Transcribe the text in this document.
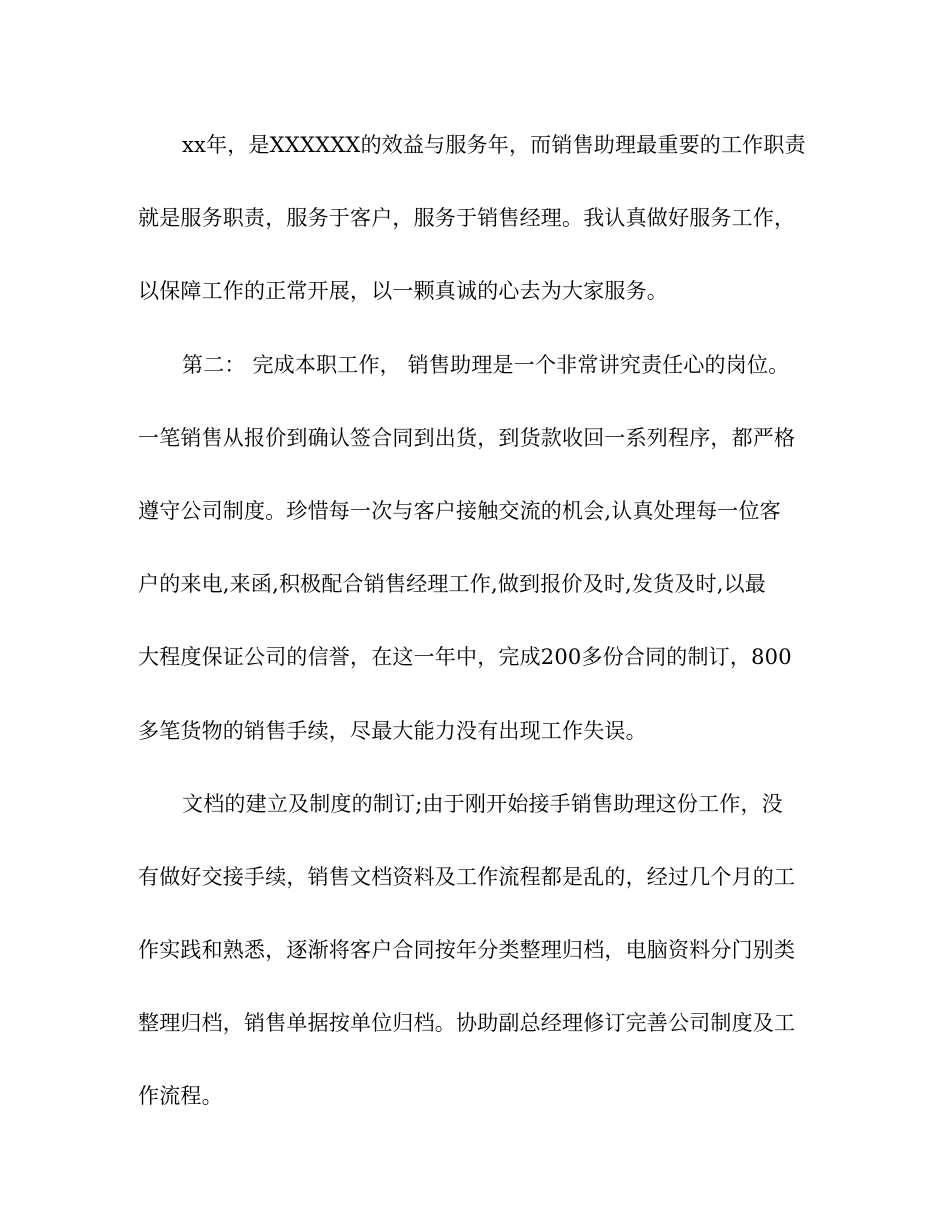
xx年，是XXXXXX的效益与服务年，而销售助理最重要的工作职责
就是服务职责，服务于客户，服务于销售经理。我认真做好服务工作，
以保障工作的正常开展，以一颗真诚的心去为大家服务。
第二： 完成本职工作， 销售助理是一个非常讲究责任心的岗位。
一笔销售从报价到确认签合同到出货，到货款收回一系列程序，都严格
遵守公司制度。珍惜每一次与客户接触交流的机会,认真处理每一位客
户的来电,来函,积极配合销售经理工作,做到报价及时,发货及时,以最
大程度保证公司的信誉，在这一年中，完成200多份合同的制订，800
多笔货物的销售手续，尽最大能力没有出现工作失误。
文档的建立及制度的制订;由于刚开始接手销售助理这份工作，没
有做好交接手续，销售文档资料及工作流程都是乱的，经过几个月的工
作实践和熟悉，逐渐将客户合同按年分类整理归档，电脑资料分门别类
整理归档，销售单据按单位归档。协助副总经理修订完善公司制度及工
作流程。
